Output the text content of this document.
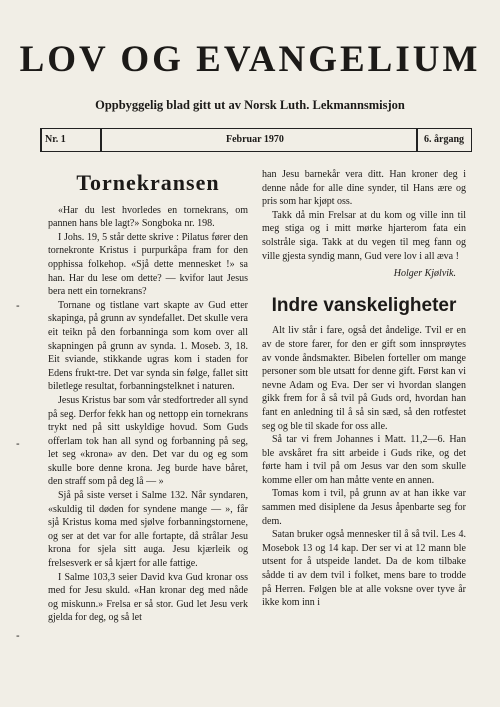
LOV OG EVANGELIUM
Oppbyggelig blad gitt ut av Norsk Luth. Lekmannsmisjon
Nr. 1	Februar 1970	6. årgang
-
-
-
Tornekransen

«Har du lest hvorledes en tornekrans, om pannen hans ble lagt?» Songboka nr. 198.

I Johs. 19, 5 står dette skrive : Pilatus fører den tornekronte Kristus i purpurkåpa fram for den opphissa folkehop. «Sjå dette mennesket !» sa han. Har du lese om dette? — kvifor laut Jesus bera nett ein tornekrans?

Tornane og tistlane vart skapte av Gud etter skapinga, på grunn av syndefallet. Det skulle vera eit teikn på den forbanninga som kom over all skapningen på grunn av synda. 1. Moseb. 3, 18. Eit sviande, stikkande ugras kom i staden for Edens frukt-tre. Det var synda sin følge, fallet sitt biletlege resultat, forbanningstelknet i naturen.

Jesus Kristus bar som vår stedfortreder all synd på seg. Derfor fekk han og nettopp ein tornekrans trykt ned på sitt uskyldige hovud. Som Guds offerlam tok han all synd og forbanning på seg, let seg «krona» av den. Det var du og eg som skulle bore denne krona. Jeg burde have båret, den straff som på deg lå — »

Sjå på siste verset i Salme 132. Når syndaren, «skuldig til døden for syndene mange — », får sjå Kristus koma med sjølve forbanningstornene, og ser at det var for alle fortapte, då strålar Jesu krona for sjela sitt auga. Jesu kjærleik og frelsesverk er så kjært for alle fattige.

I Salme 103,3 seier David kva Gud kronar oss med for Jesu skuld. «Han kronar deg med nåde og miskunn.» Frelsa er så stor. Gud let Jesu verk gjelda for deg, og så let

han Jesu barnekår vera ditt. Han kroner deg i denne nåde for alle dine synder, til Hans ære og pris som har kjøpt oss.

Takk då min Frelsar at du kom og ville inn til meg stiga og i mitt mørke hjarterom fata ein solstråle siga. Takk at du vegen til meg fann og ville gjesta syndig mann, Gud vere lov i all æva !

Holger Kjølvik.
Indre vanskeligheter

Alt liv står i fare, også det åndelige. Tvil er en av de store farer, for den er gift som innsprøytes av vonde åndsmakter. Bibelen forteller om mange personer som ble utsatt for denne gift. Først kan vi nevne Adam og Eva. Der ser vi hvordan slangen gikk frem for å så tvil på Guds ord, hvordan han fant en anledning til å så sin sæd, så den rotfestet seg og ble til skade for oss alle.

Så tar vi frem Johannes i Matt. 11,2—6. Han ble avskåret fra sitt arbeide i Guds rike, og det førte ham i tvil på om Jesus var den som skulle komme eller om han måtte vente en annen.

Tomas kom i tvil, på grunn av at han ikke var sammen med disiplene da Jesus åpenbarte seg for dem.

Satan bruker også mennesker til å så tvil. Les 4. Mosebok 13 og 14 kap. Der ser vi at 12 mann ble utsent for å utspeide landet. Da de kom tilbake sådde ti av dem tvil i folket, mens bare to trodde på Herren. Følgen ble at alle voksne over tyve år ikke kom inn i
